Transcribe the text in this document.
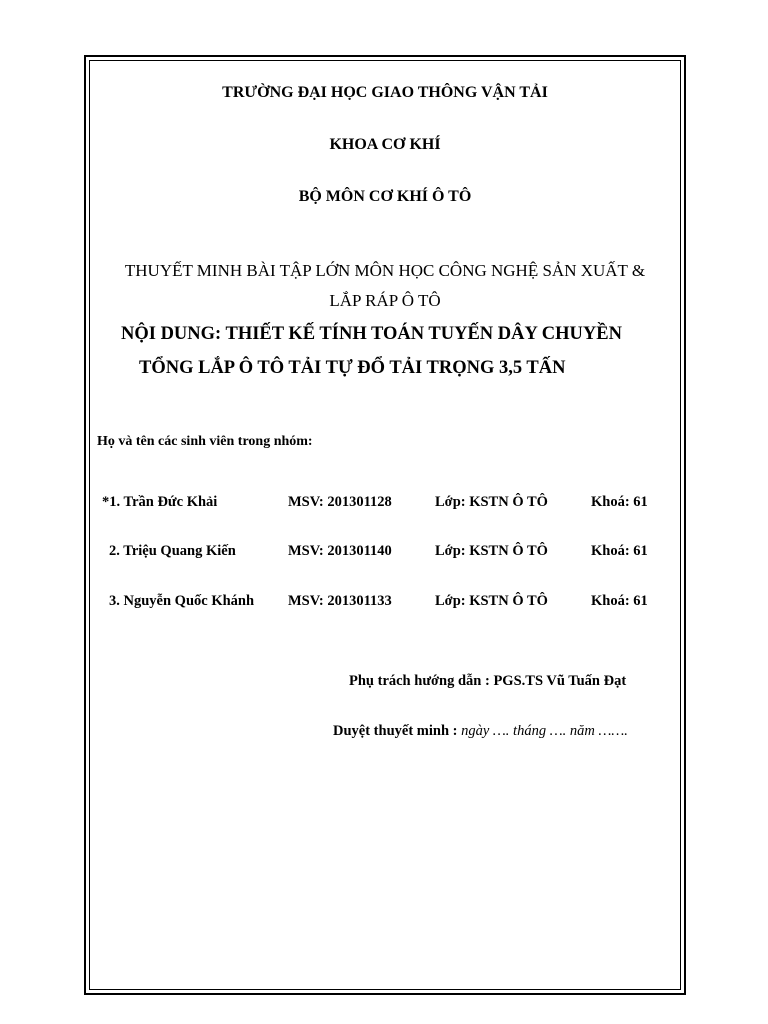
TRƯỜNG ĐẠI HỌC GIAO THÔNG VẬN TẢI
KHOA CƠ KHÍ
BỘ MÔN CƠ KHÍ Ô TÔ
THUYẾT MINH BÀI TẬP LỚN MÔN HỌC CÔNG NGHỆ SẢN XUẤT &
LẮP RÁP Ô TÔ
NỘI DUNG: THIẾT KẾ TÍNH TOÁN TUYẾN DÂY CHUYỀN
TỔNG LẮP Ô TÔ TẢI TỰ ĐỔ TẢI TRỌNG 3,5 TẤN
Họ và tên các sinh viên trong nhóm:
*1. Trần Đức Khải	MSV: 201301128	Lớp: KSTN Ô TÔ	Khoá: 61
2. Triệu Quang Kiến	MSV: 201301140	Lớp: KSTN Ô TÔ	Khoá: 61
3. Nguyễn Quốc Khánh MSV: 201301133	Lớp: KSTN Ô TÔ	Khoá: 61
Phụ trách hướng dẫn : PGS.TS Vũ Tuấn Đạt
Duyệt thuyết minh : ngày …. tháng …. năm …….
